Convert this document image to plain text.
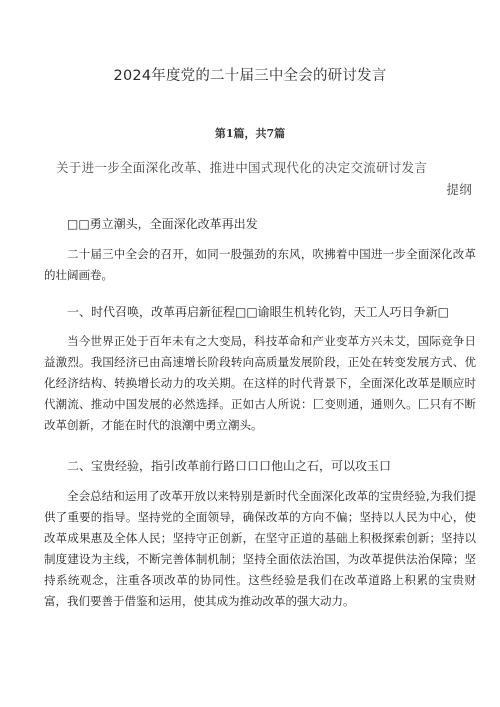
2024年度党的二十届三中全会的研讨发言
第1篇，共7篇
关于进一步全面深化改革、推进中国式现代化的决定交流研讨发言
提纲
□□勇立潮头，全面深化改革再出发
二十届三中全会的召开，如同一股强劲的东风，吹拂着中国进一步全面深化改革的壮阔画卷。
一、时代召唤，改革再启新征程□□谕眼生机转化钧，天工人巧日争新□
当今世界正处于百年未有之大变局，科技革命和产业变革方兴未艾，国际竞争日益激烈。我国经济已由高速增长阶段转向高质量发展阶段，正处在转变发展方式、优化经济结构、转换增长动力的攻关期。在这样的时代背景下，全面深化改革是顺应时代潮流、推动中国发展的必然选择。正如古人所说：匚变则通，通则久。匚只有不断改革创新，才能在时代的浪潮中勇立潮头。
二、宝贵经验，指引改革前行路口口口他山之石，可以攻玉口
全会总结和运用了改革开放以来特别是新时代全面深化改革的宝贵经验,为我们提供了重要的指导。坚持党的全面领导，确保改革的方向不偏；坚持以人民为中心，使改革成果惠及全体人民；坚持守正创新，在坚守正道的基础上积极探索创新；坚持以制度建设为主线，不断完善体制机制；坚持全面依法治国，为改革提供法治保障；坚持系统观念，注重各项改革的协同性。这些经验是我们在改革道路上积累的宝贵财富，我们要善于借鉴和运用，使其成为推动改革的强大动力。
